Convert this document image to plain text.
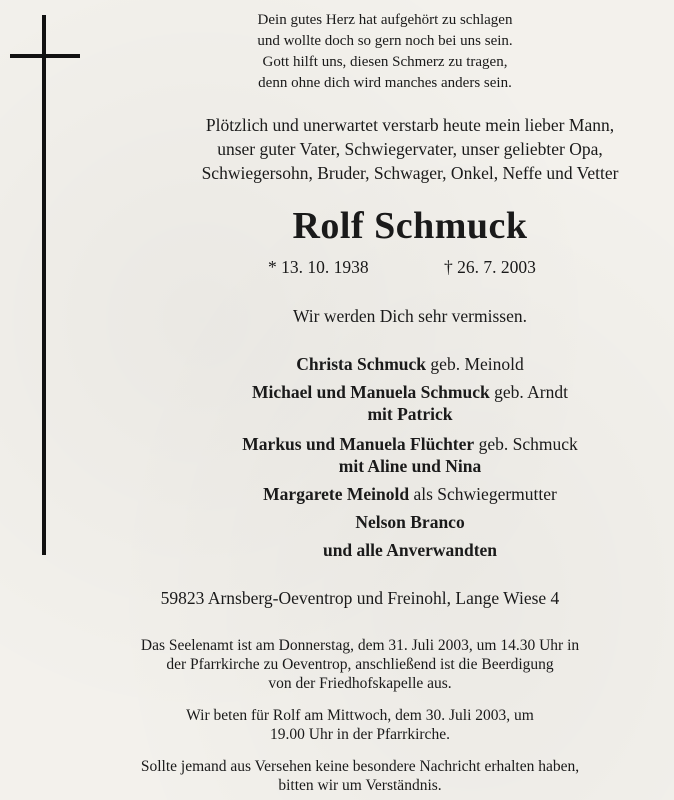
Dein gutes Herz hat aufgehört zu schlagen
und wollte doch so gern noch bei uns sein.
Gott hilft uns, diesen Schmerz zu tragen,
denn ohne dich wird manches anders sein.
Plötzlich und unerwartet verstarb heute mein lieber Mann,
unser guter Vater, Schwiegervater, unser geliebter Opa,
Schwiegersohn, Bruder, Schwager, Onkel, Neffe und Vetter
Rolf Schmuck
* 13. 10. 1938	† 26. 7. 2003
Wir werden Dich sehr vermissen.
Christa Schmuck geb. Meinold
Michael und Manuela Schmuck geb. Arndt
mit Patrick
Markus und Manuela Flüchter geb. Schmuck
mit Aline und Nina
Margarete Meinold als Schwiegermutter
Nelson Branco
und alle Anverwandten
59823 Arnsberg-Oeventrop und Freinohl, Lange Wiese 4
Das Seelenamt ist am Donnerstag, dem 31. Juli 2003, um 14.30 Uhr in
der Pfarrkirche zu Oeventrop, anschließend ist die Beerdigung
von der Friedhofskapelle aus.
Wir beten für Rolf am Mittwoch, dem 30. Juli 2003, um
19.00 Uhr in der Pfarrkirche.
Sollte jemand aus Versehen keine besondere Nachricht erhalten haben,
bitten wir um Verständnis.
